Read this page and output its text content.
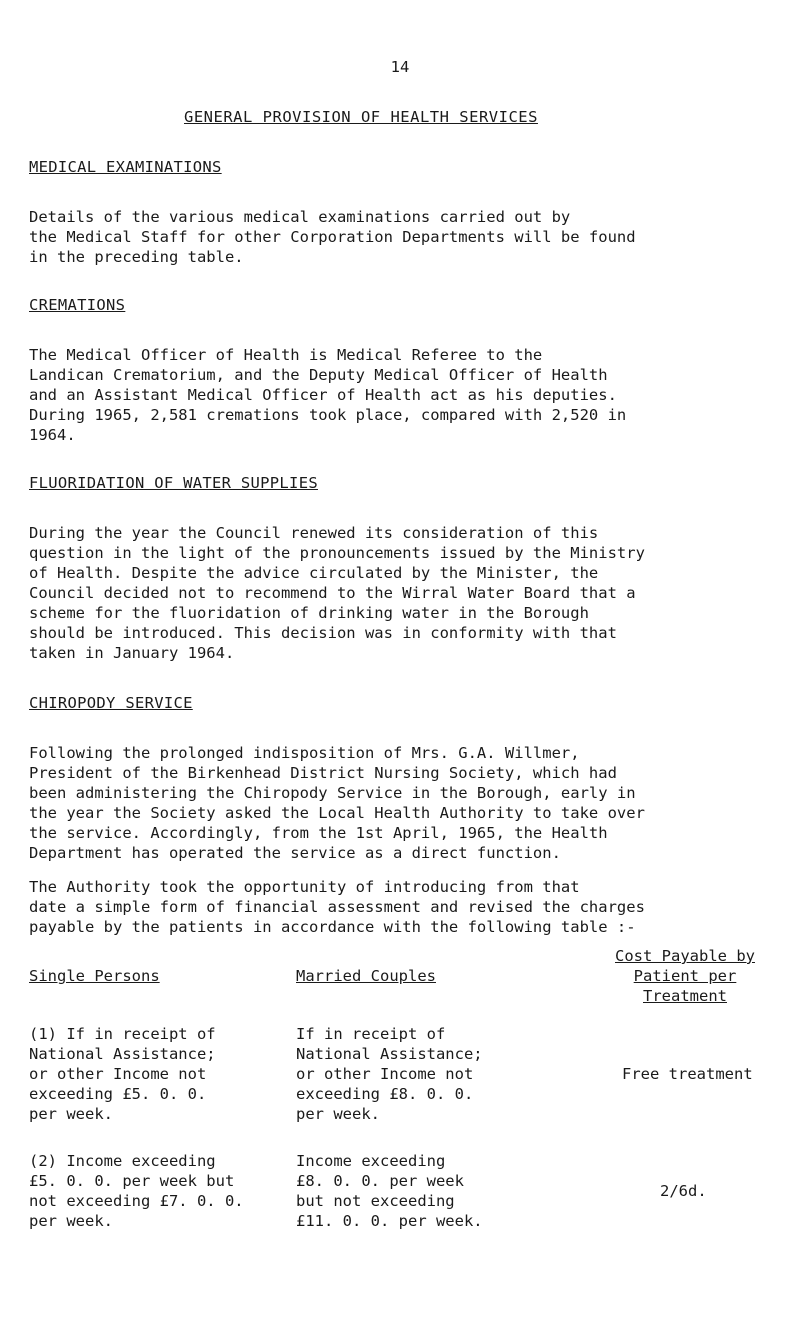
14
GENERAL PROVISION OF HEALTH SERVICES
MEDICAL EXAMINATIONS

Details of the various medical examinations carried out by
the Medical Staff for other Corporation Departments will be found
in the preceding table.

CREMATIONS

The Medical Officer of Health is Medical Referee to the
Landican Crematorium, and the Deputy Medical Officer of Health
and an Assistant Medical Officer of Health act as his deputies.
During 1965, 2,581 cremations took place, compared with 2,520 in
1964.

FLUORIDATION OF WATER SUPPLIES

During the year the Council renewed its consideration of this
question in the light of the pronouncements issued by the Ministry
of Health. Despite the advice circulated by the Minister, the
Council decided not to recommend to the Wirral Water Board that a
scheme for the fluoridation of drinking water in the Borough
should be introduced. This decision was in conformity with that
taken in January 1964.

CHIROPODY SERVICE

Following the prolonged indisposition of Mrs. G.A. Willmer,
President of the Birkenhead District Nursing Society, which had
been administering the Chiropody Service in the Borough, early in
the year the Society asked the Local Health Authority to take over
the service. Accordingly, from the 1st April, 1965, the Health
Department has operated the service as a direct function.

The Authority took the opportunity of introducing from that
date a simple form of financial assessment and revised the charges
payable by the patients in accordance with the following table :-

Single Persons	Married Couples
Cost Payable by
Patient per
Treatment

(1) If in receipt of
National Assistance;
or other Income not
exceeding £5. 0. 0.
per week.

If in receipt of
National Assistance;
or other Income not
exceeding £8. 0. 0.
per week.

Free treatment

(2) Income exceeding
£5. 0. 0. per week but
not exceeding £7. 0. 0.
per week.

Income exceeding
£8. 0. 0. per week
but not exceeding
£11. 0. 0. per week.

2/6d.
